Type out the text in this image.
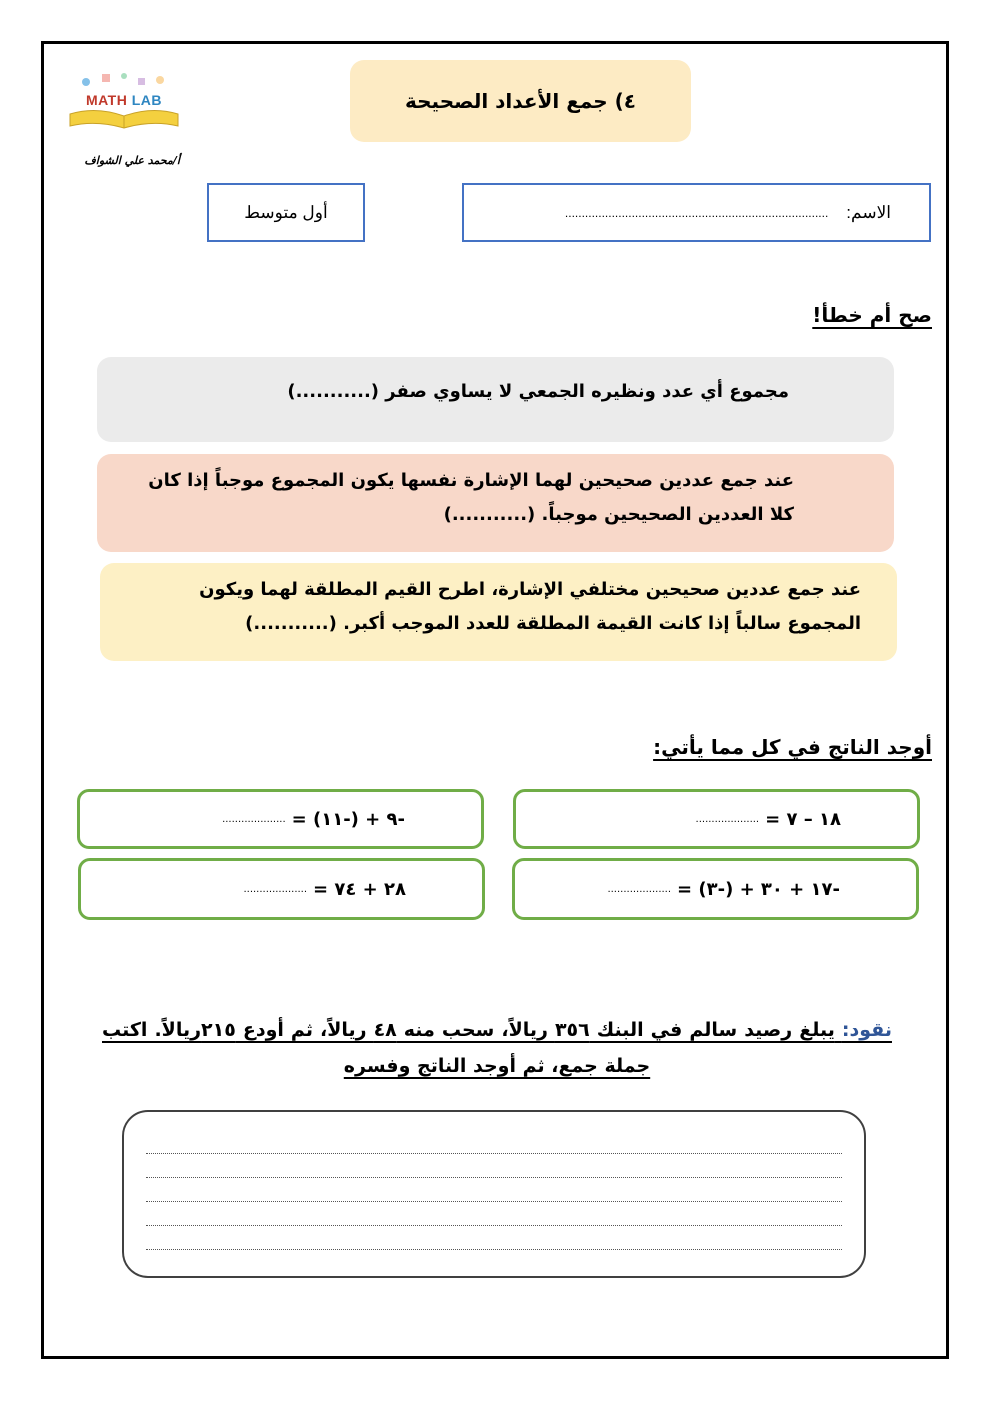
MATH LAB
أ/محمد علي الشواف
٤) جمع الأعداد الصحيحة
الاسم:
...............................................................................
أول متوسط
صح أم خطأ!
مجموع أي عدد ونظيره الجمعي لا يساوي صفر (...........)
عند جمع عددين صحيحين لهما الإشارة نفسها يكون المجموع موجباً إذا كان كلا العددين الصحيحين موجباً. (...........)
عند جمع عددين صحيحين مختلفي الإشارة، اطرح القيم المطلقة لهما ويكون المجموع سالباً إذا كانت القيمة المطلقة للعدد الموجب أكبر. (...........)
أوجد الناتج في كل مما يأتي:
١٨ – ٧ =
....................
-٩ + (-١١) =
....................
-١٧ + ٣٠ + (-٣) =
....................
٢٨ + ٧٤ =
....................
نقود: يبلغ رصيد سالم في البنك ٣٥٦ ريالاً، سحب منه ٤٨ ريالاً، ثم أودع ٢١٥ريالاً. اكتب جملة جمع، ثم أوجد الناتج وفسره
